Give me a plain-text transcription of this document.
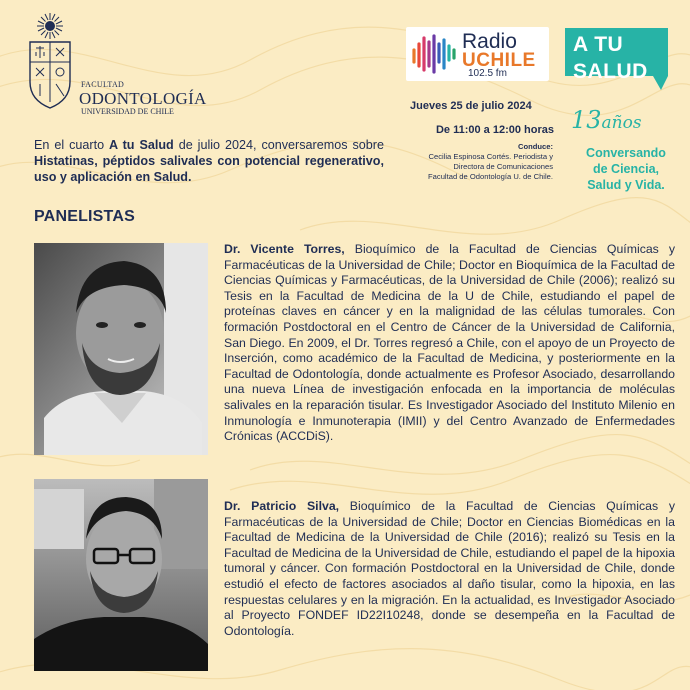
FACULTAD
ODONTOLOGÍA
UNIVERSIDAD DE CHILE
Radio
UCHILE
102.5 fm
A TU
SALUD
13años
Conversando
de Ciencia,
Salud y Vida.
Jueves 25 de julio 2024
De 11:00 a 12:00 horas
Conduce:
Cecilia Espinosa Cortés. Periodista y
Directora de Comunicaciones
Facultad de Odontología U. de Chile.

En el cuarto A tu Salud de julio 2024, conversaremos sobre Histatinas, péptidos salivales con potencial regenerativo, uso y aplicación en Salud.

PANELISTAS

Dr. Vicente Torres, Bioquímico de la Facultad de Ciencias Químicas y Farmacéuticas de la Universidad de Chile; Doctor en Bioquímica de la Facultad de Ciencias Químicas y Farmacéuticas, de la Universidad de Chile (2006); realizó su Tesis en la Facultad de Medicina de la U de Chile, estudiando el papel de proteínas claves en cáncer y en la malignidad de las células tumorales. Con formación Postdoctoral en el Centro de Cáncer de la Universidad de California, San Diego. En 2009, el Dr. Torres regresó a Chile, con el apoyo de un Proyecto de Inserción, como académico de la Facultad de Medicina, y posteriormente en la Facultad de Odontología, donde actualmente es Profesor Asociado, desarrollando una nueva Línea de investigación enfocada en la importancia de moléculas salivales en la reparación tisular. Es Investigador Asociado del Instituto Milenio en Inmunología e Inmunoterapia (IMII) y del Centro Avanzado de Enfermedades Crónicas (ACCDiS).

Dr. Patricio Silva, Bioquímico de la Facultad de Ciencias Químicas y Farmacéuticas de la Universidad de Chile; Doctor en Ciencias Biomédicas en la Facultad de Medicina de la Universidad de Chile (2016); realizó su Tesis en la Facultad de Medicina de la Universidad de Chile, estudiando el papel de la hipoxia tumoral y cáncer. Con formación Postdoctoral en la Universidad de Chile, donde estudió el efecto de factores asociados al daño tisular, como la hipoxia, en las respuestas celulares y en la migración. En la actualidad, es Investigador Asociado al Proyecto FONDEF ID22I10248, donde se desempeña en la Facultad de Odontología.
